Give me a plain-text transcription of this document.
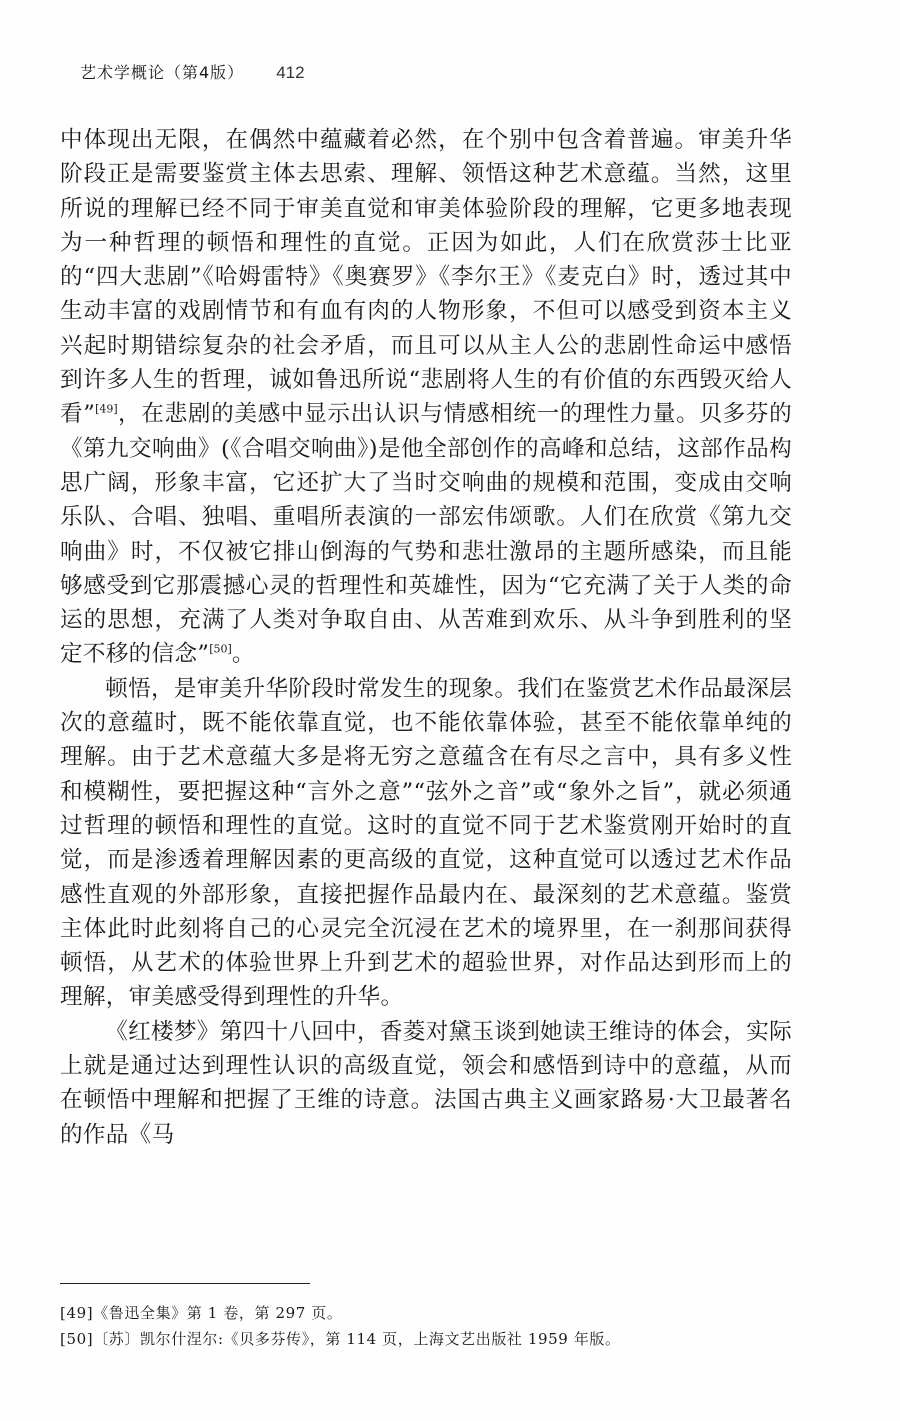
艺术学概论（第4版） 412

中体现出无限，在偶然中蕴藏着必然，在个别中包含着普遍。审美升华阶段正是需要鉴赏主体去思索、理解、领悟这种艺术意蕴。当然，这里所说的理解已经不同于审美直觉和审美体验阶段的理解，它更多地表现为一种哲理的顿悟和理性的直觉。正因为如此，人们在欣赏莎士比亚的“四大悲剧”《哈姆雷特》《奥赛罗》《李尔王》《麦克白》时，透过其中生动丰富的戏剧情节和有血有肉的人物形象，不但可以感受到资本主义兴起时期错综复杂的社会矛盾，而且可以从主人公的悲剧性命运中感悟到许多人生的哲理，诚如鲁迅所说“悲剧将人生的有价值的东西毁灭给人看”[49]，在悲剧的美感中显示出认识与情感相统一的理性力量。贝多芬的《第九交响曲》(《合唱交响曲》)是他全部创作的高峰和总结，这部作品构思广阔，形象丰富，它还扩大了当时交响曲的规模和范围，变成由交响乐队、合唱、独唱、重唱所表演的一部宏伟颂歌。人们在欣赏《第九交响曲》时，不仅被它排山倒海的气势和悲壮激昂的主题所感染，而且能够感受到它那震撼心灵的哲理性和英雄性，因为“它充满了关于人类的命运的思想，充满了人类对争取自由、从苦难到欢乐、从斗争到胜利的坚定不移的信念”[50]。

顿悟，是审美升华阶段时常发生的现象。我们在鉴赏艺术作品最深层次的意蕴时，既不能依靠直觉，也不能依靠体验，甚至不能依靠单纯的理解。由于艺术意蕴大多是将无穷之意蕴含在有尽之言中，具有多义性和模糊性，要把握这种“言外之意”“弦外之音”或“象外之旨”，就必须通过哲理的顿悟和理性的直觉。这时的直觉不同于艺术鉴赏刚开始时的直觉，而是渗透着理解因素的更高级的直觉，这种直觉可以透过艺术作品感性直观的外部形象，直接把握作品最内在、最深刻的艺术意蕴。鉴赏主体此时此刻将自己的心灵完全沉浸在艺术的境界里，在一刹那间获得顿悟，从艺术的体验世界上升到艺术的超验世界，对作品达到形而上的理解，审美感受得到理性的升华。

《红楼梦》第四十八回中，香菱对黛玉谈到她读王维诗的体会，实际上就是通过达到理性认识的高级直觉，领会和感悟到诗中的意蕴，从而在顿悟中理解和把握了王维的诗意。法国古典主义画家路易·大卫最著名的作品《马

[49]《鲁迅全集》第 1 卷，第 297 页。
[50]〔苏〕凯尔什涅尔:《贝多芬传》，第 114 页，上海文艺出版社 1959 年版。
